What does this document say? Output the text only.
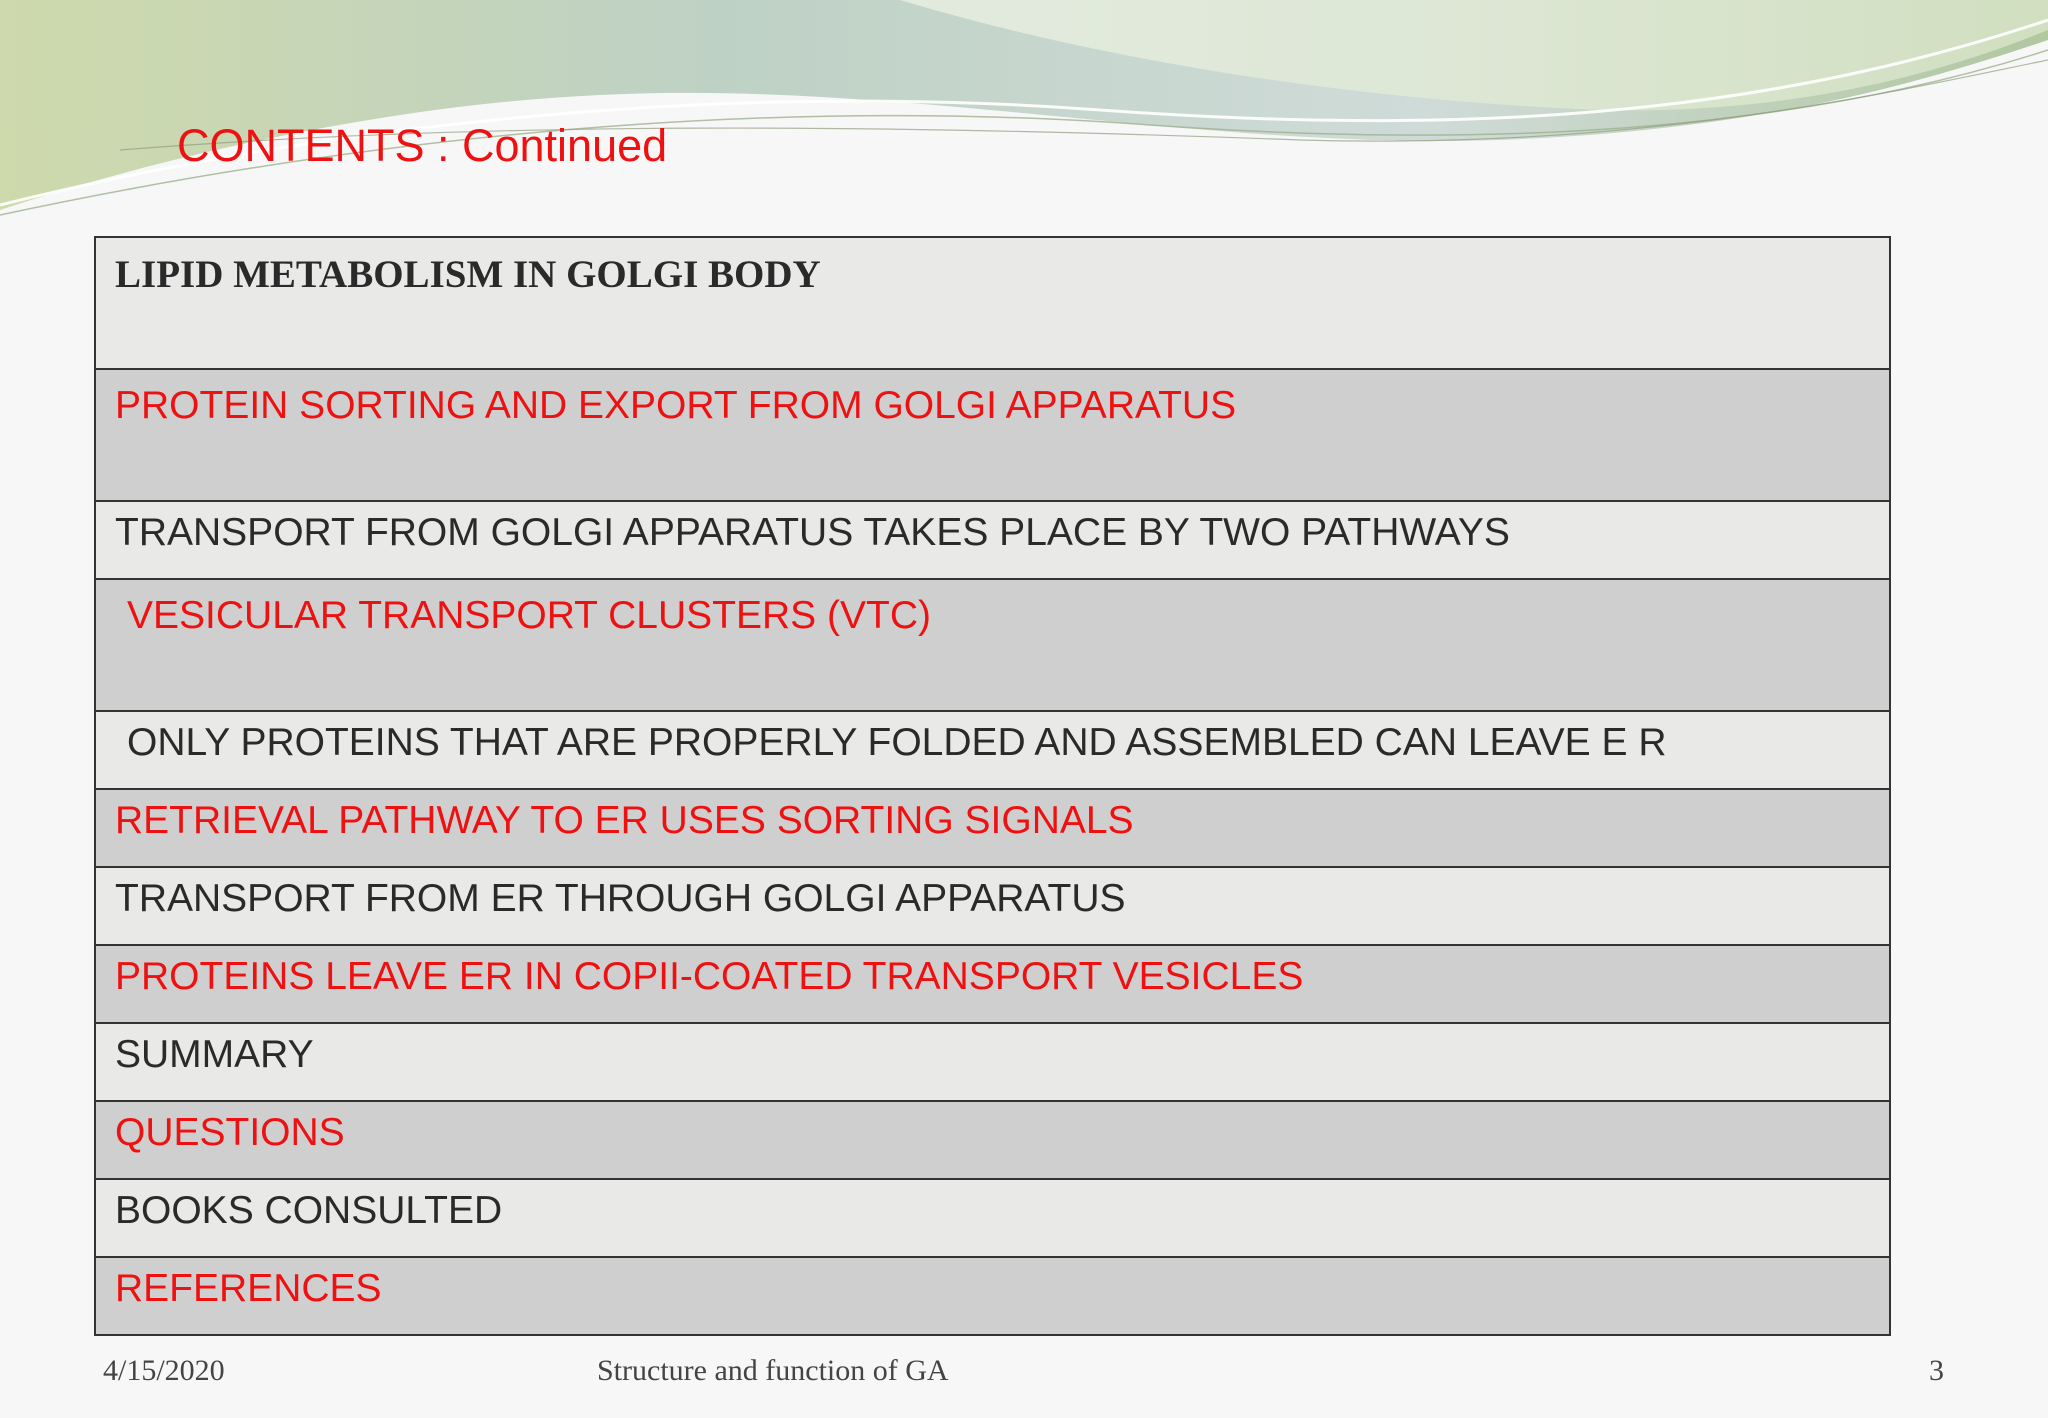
CONTENTS : Continued
LIPID METABOLISM IN GOLGI BODY
PROTEIN SORTING AND EXPORT FROM GOLGI APPARATUS
TRANSPORT FROM GOLGI APPARATUS TAKES PLACE BY TWO PATHWAYS
VESICULAR TRANSPORT CLUSTERS (VTC)
ONLY PROTEINS THAT ARE PROPERLY FOLDED AND ASSEMBLED CAN LEAVE E R
RETRIEVAL PATHWAY TO ER USES SORTING SIGNALS
TRANSPORT FROM ER THROUGH GOLGI APPARATUS
PROTEINS LEAVE ER IN COPII-COATED TRANSPORT VESICLES
SUMMARY
QUESTIONS
BOOKS CONSULTED
REFERENCES
4/15/2020	Structure and function of GA	3
